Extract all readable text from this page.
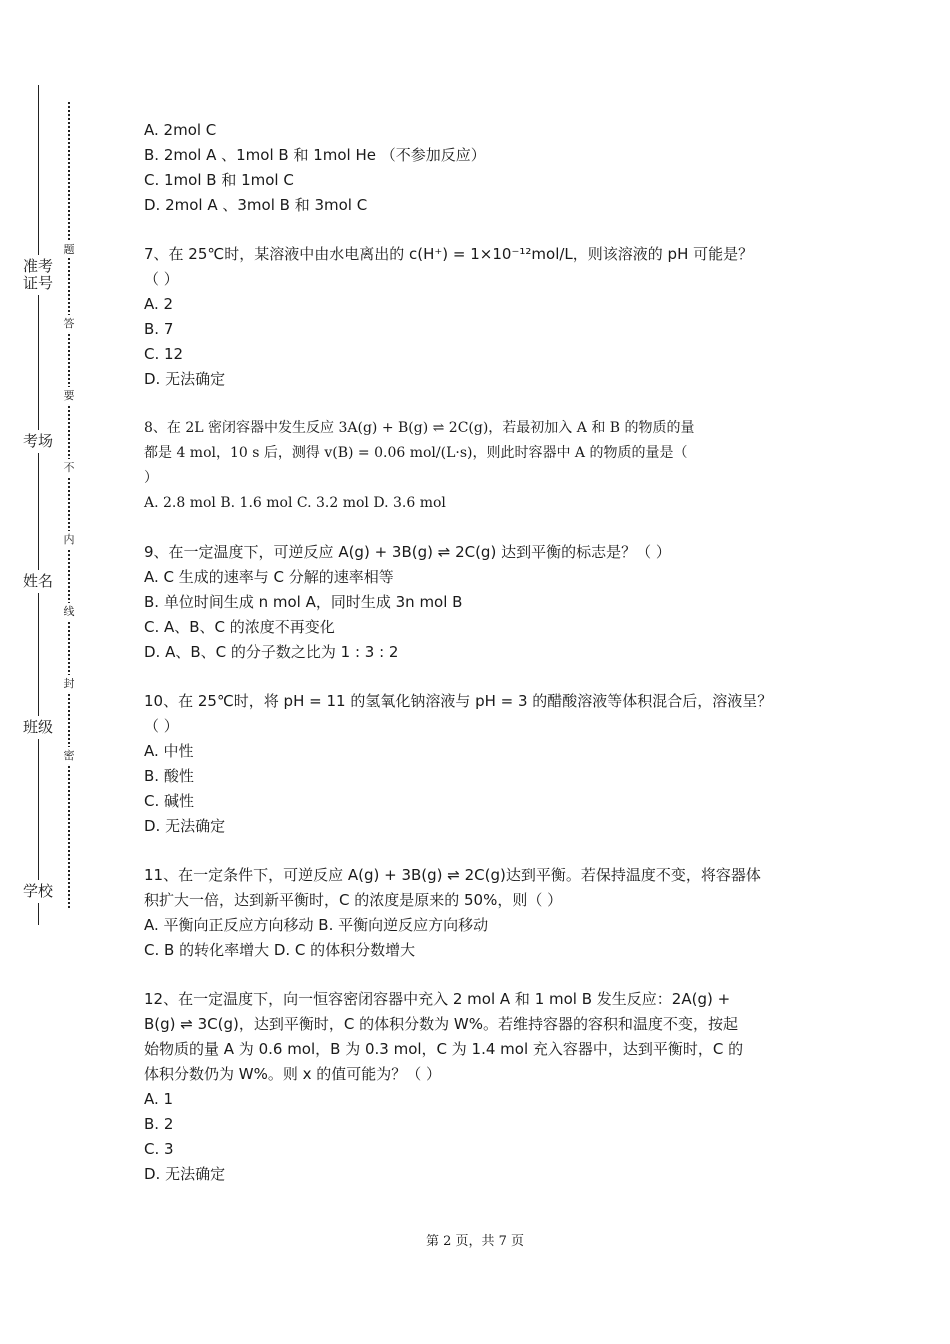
准考证号
考场
姓名
班级
学校
题
答
要
不
内
线
封
密
A. 2mol C
B. 2mol A 、1mol B 和 1mol He （不参加反应）
C. 1mol B 和 1mol C
D. 2mol A 、3mol B 和 3mol C
7、在 25℃时，某溶液中由水电离出的 c(H⁺) = 1×10⁻¹²mol/L，则该溶液的 pH 可能是？
（ ）
A. 2
B. 7
C. 12
D. 无法确定
8、在 2L 密闭容器中发生反应 3A(g) + B(g) ⇌ 2C(g)，若最初加入 A 和 B 的物质的量
都是 4 mol，10 s 后，测得 v(B) = 0.06 mol/(L·s)，则此时容器中 A 的物质的量是（
）
A. 2.8 mol B. 1.6 mol C. 3.2 mol D. 3.6 mol
9、在一定温度下，可逆反应 A(g) + 3B(g) ⇌ 2C(g) 达到平衡的标志是？（ ）
A. C 生成的速率与 C 分解的速率相等
B. 单位时间生成 n mol A，同时生成 3n mol B
C. A、B、C 的浓度不再变化
D. A、B、C 的分子数之比为 1 : 3 : 2
10、在 25℃时，将 pH = 11 的氢氧化钠溶液与 pH = 3 的醋酸溶液等体积混合后，溶液呈？
（ ）
A. 中性
B. 酸性
C. 碱性
D. 无法确定
11、在一定条件下，可逆反应 A(g) + 3B(g) ⇌ 2C(g)达到平衡。若保持温度不变，将容器体
积扩大一倍，达到新平衡时，C 的浓度是原来的 50%，则（ ）
A. 平衡向正反应方向移动 B. 平衡向逆反应方向移动
C. B 的转化率增大 D. C 的体积分数增大
12、在一定温度下，向一恒容密闭容器中充入 2 mol A 和 1 mol B 发生反应：2A(g) +
B(g) ⇌ 3C(g)，达到平衡时，C 的体积分数为 W%。若维持容器的容积和温度不变，按起
始物质的量 A 为 0.6 mol，B 为 0.3 mol，C 为 1.4 mol 充入容器中，达到平衡时，C 的
体积分数仍为 W%。则 x 的值可能为？（ ）
A. 1
B. 2
C. 3
D. 无法确定
第 2 页，共 7 页
